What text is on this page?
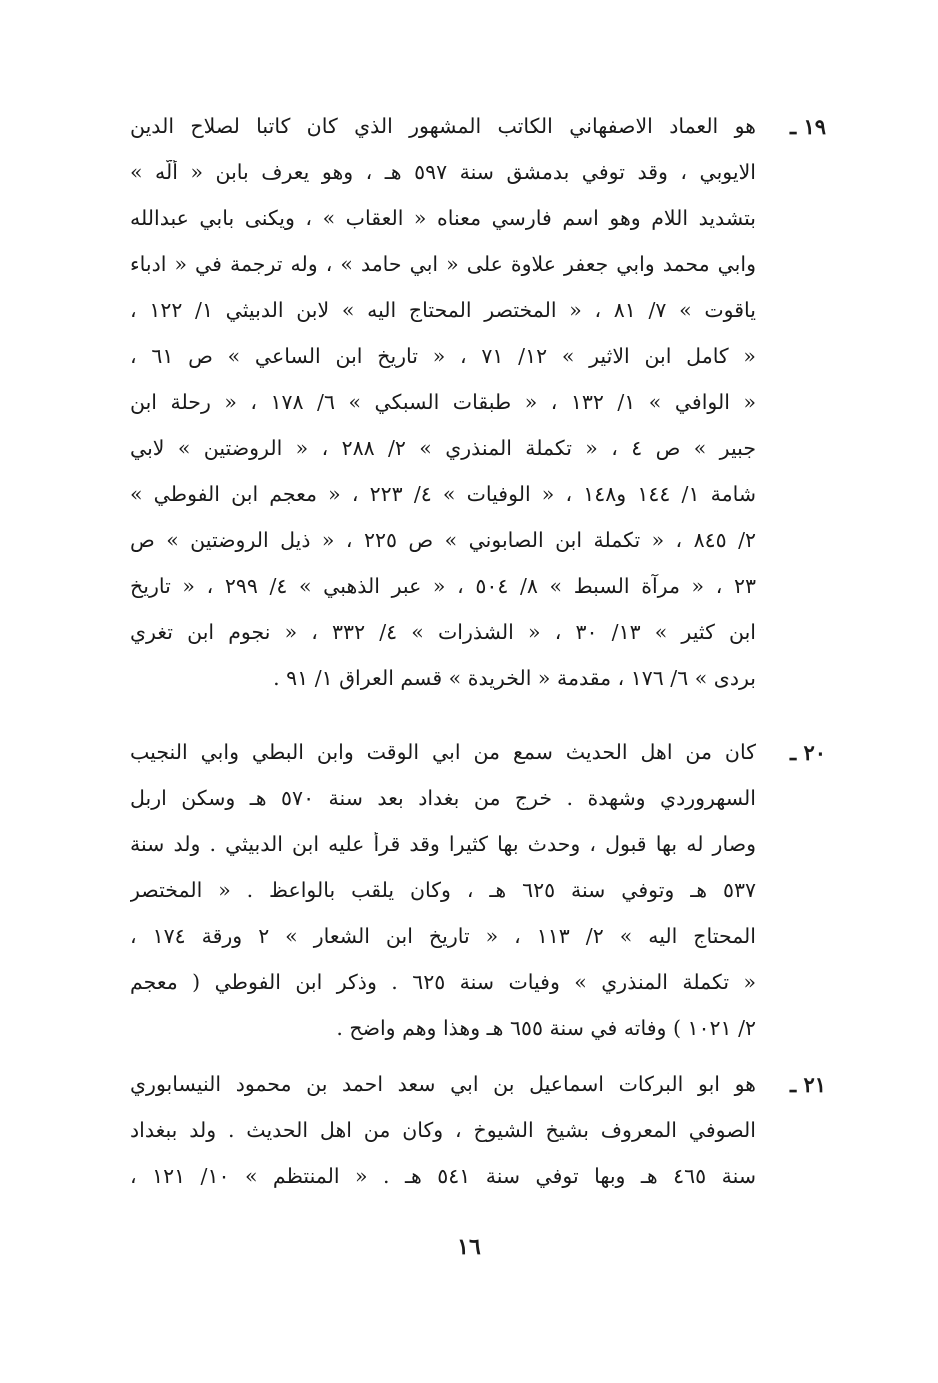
١٩ ـ
هو العماد الاصفهاني الكاتب المشهور الذي كان كاتبا لصلاح الدين
الايوبي ، وقد توفي بدمشق سنة ٥٩٧ هـ ، وهو يعرف بابن « أُلُّه »
بتشديد اللام وهو اسم فارسي معناه « العقاب » ، ويكنى بابي عبدالله
وابي محمد وابي جعفر علاوة على « ابي حامد » ، وله ترجمة في « ادباء
ياقوت » ٧/ ٨١ ، « المختصر المحتاج اليه » لابن الدبيثي ١/ ١٢٢ ،
« كامل ابن الاثير » ١٢/ ٧١ ، « تاريخ ابن الساعي » ص ٦١ ،
« الوافي » ١/ ١٣٢ ، « طبقات السبكي » ٦/ ١٧٨ ، « رحلة ابن
جبير » ص ٤ ، « تكملة المنذري » ٢/ ٢٨٨ ، « الروضتين » لابي
شامة ١/ ١٤٤ و١٤٨ ، « الوفيات » ٤/ ٢٢٣ ، « معجم ابن الفوطي »
٢/ ٨٤٥ ، « تكملة ابن الصابوني » ص ٢٢٥ ، « ذيل الروضتين » ص
٢٣ ، « مرآة السبط » ٨/ ٥٠٤ ، « عبر الذهبي » ٤/ ٢٩٩ ، « تاريخ
ابن كثير » ١٣/ ٣٠ ، « الشذرات » ٤/ ٣٣٢ ، « نجوم ابن تغري
بردى » ٦/ ١٧٦ ، مقدمة « الخريدة » قسم العراق ١/ ٩١ .
٢٠ ـ
كان من اهل الحديث سمع من ابي الوقت وابن البطي وابي النجيب
السهروردي وشهدة . خرج من بغداد بعد سنة ٥٧٠ هـ وسكن اربل
وصار له بها قبول ، وحدث بها كثيرا وقد قرأ عليه ابن الدبيثي . ولد سنة
٥٣٧ هـ وتوفي سنة ٦٢٥ هـ ، وكان يلقب بالواعظ . « المختصر
المحتاج اليه » ٢/ ١١٣ ، « تاريخ ابن الشعار » ٢ ورقة ١٧٤ ،
« تكملة المنذري » وفيات سنة ٦٢٥ . وذكر ابن الفوطي ( معجم
٢/ ١٠٢١ ) وفاته في سنة ٦٥٥ هـ وهذا وهم واضح .
٢١ ـ
هو ابو البركات اسماعيل بن ابي سعد احمد بن محمود النيسابوري
الصوفي المعروف بشيخ الشيوخ ، وكان من اهل الحديث . ولد ببغداد
سنة ٤٦٥ هـ وبها توفي سنة ٥٤١ هـ . « المنتظم » ١٠/ ١٢١ ،
١٦
